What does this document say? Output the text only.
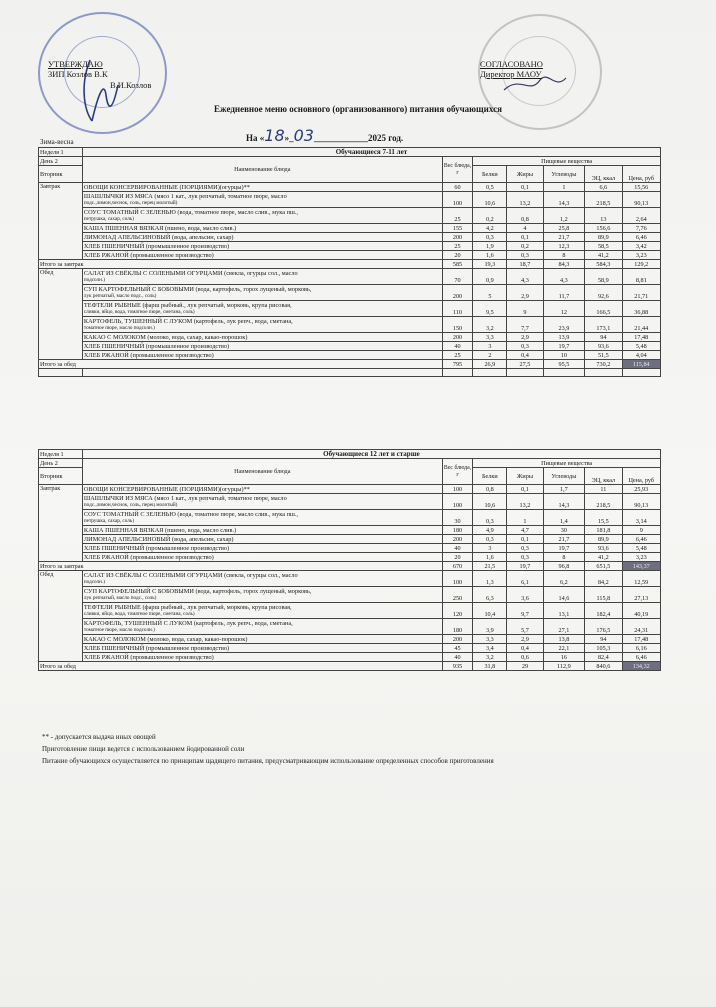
УТВЕРЖДАЮ
ЗИП Козлов В.К
В.И.Козлов
СОГЛАСОВАНО
Директор МАОУ
Ежедневное меню основного (организованного) питания обучающихся
На «18»_03____________2025 год.
Зима-весна
Неделя 1	Обучающиеся 7-11 лет						
День 2	Наименование блюда	Вес блюда, г	Пищевые вещества				
Вторник			Белки	Жиры	Углеводы	ЭЦ, ккал	Цена, руб

Завтрак	ОВОЩИ КОНСЕРВИРОВАННЫЕ (ПОРЦИЯМИ)(огурцы)**	60	0,5	0,1	1	6,6	15,56

	ШАШЛЫЧКИ ИЗ МЯСА (мясо 1 кат., лук репчатый, томатное пюре, масло
подс.,лимон,чеснок, соль, перец молотый)	100	10,6	13,2	14,3	218,5	90,13

	СОУС ТОМАТНЫЙ С ЗЕЛЕНЬЮ (вода, томатное пюре, масло слив., мука пш.,
петрушка, сахар, соль)	25	0,2	0,8	1,2	13	2,64

	КАША ПШЕННАЯ ВЯЗКАЯ (пшено, вода, масло слив.)	155	4,2	4	25,8	156,6	7,76

	ЛИМОНАД АПЕЛЬСИНОВЫЙ (вода, апельсин, сахар)	200	0,3	0,1	21,7	89,9	6,46

	ХЛЕБ ПШЕНИЧНЫЙ (промышленное производство)	25	1,9	0,2	12,3	58,5	3,42

	ХЛЕБ РЖАНОЙ (промышленное производство)	20	1,6	0,3	8	41,2	3,23
Итого за завтрак		585	19,3	18,7	84,3	584,3	129,2
Обед	САЛАТ ИЗ СВЁКЛЫ С СОЛЕНЫМИ ОГУРЦАМИ (свекла, огурцы сол., масло
подсолн.)	70	0,9	4,3	4,3	58,9	8,81

	СУП КАРТОФЕЛЬНЫЙ С БОБОВЫМИ (вода, картофель, горох лущеный, морковь,
лук репчатый, масло подс., соль)	200	5	2,9	11,7	92,6	21,71

	ТЕФТЕЛИ РЫБНЫЕ (фарш рыбный., лук репчатый, морковь, крупа рисовая,
сливки, яйцо, вода, томатное пюре, сметана, соль)	110	9,5	9	12	166,5	36,88

	КАРТОФЕЛЬ, ТУШЕННЫЙ С ЛУКОМ (картофель, лук репч., вода, сметана,
томатное пюре, масло подсолн.)	150	3,2	7,7	23,9	173,1	21,44

	КАКАО С МОЛОКОМ (молоко, вода, сахар, какао-порошок)	200	3,3	2,9	13,9	94	17,48

	ХЛЕБ ПШЕНИЧНЫЙ (промышленное производство)	40	3	0,3	19,7	93,6	5,48

	ХЛЕБ РЖАНОЙ (промышленное производство)	25	2	0,4	10	51,5	4,04
Итого за обед		795	26,9	27,5	95,5	730,2	115,84

Неделя 1	Обучающиеся 12 лет и старше						
День 2	Наименование блюда	Вес блюда, г	Пищевые вещества				
Вторник			Белки	Жиры	Углеводы	ЭЦ, ккал	Цена, руб

Завтрак	ОВОЩИ КОНСЕРВИРОВАННЫЕ (ПОРЦИЯМИ)(огурцы)**	100	0,8	0,1	1,7	11	25,93

	ШАШЛЫЧКИ ИЗ МЯСА (мясо 1 кат., лук репчатый, томатное пюре, масло
подс.,лимон,чеснок, соль, перец молотый)	100	10,6	13,2	14,3	218,5	90,13

	СОУС ТОМАТНЫЙ С ЗЕЛЕНЬЮ (вода, томатное пюре, масло слив., мука пш.,
петрушка, сахар, соль)	30	0,3	1	1,4	15,5	3,14

	КАША ПШЕННАЯ ВЯЗКАЯ (пшено, вода, масло слив.)	180	4,9	4,7	30	181,8	9

	ЛИМОНАД АПЕЛЬСИНОВЫЙ (вода, апельсин, сахар)	200	0,3	0,1	21,7	89,9	6,46

	ХЛЕБ ПШЕНИЧНЫЙ (промышленное производство)	40	3	0,3	19,7	93,6	5,48

	ХЛЕБ РЖАНОЙ (промышленное производство)	20	1,6	0,3	8	41,2	3,23
Итого за завтрак		670	21,5	19,7	96,8	651,5	143,37
Обед	САЛАТ ИЗ СВЁКЛЫ С СОЛЕНЫМИ ОГУРЦАМИ (свекла, огурцы сол., масло
подсолн.)	100	1,3	6,1	6,2	84,2	12,59

	СУП КАРТОФЕЛЬНЫЙ С БОБОВЫМИ (вода, картофель, горох лущеный, морковь,
лук репчатый, масло подс., соль)	250	6,3	3,6	14,6	115,8	27,13

	ТЕФТЕЛИ РЫБНЫЕ (фарш рыбный., лук репчатый, морковь, крупа рисовая,
сливки, яйцо, вода, томатное пюре, сметана, соль)	120	10,4	9,7	13,1	182,4	40,19

	КАРТОФЕЛЬ, ТУШЕННЫЙ С ЛУКОМ (картофель, лук репч., вода, сметана,
томатное пюре, масло подсолн.)	180	3,9	5,7	27,1	176,5	24,31

	КАКАО С МОЛОКОМ (молоко, вода, сахар, какао-порошок)	200	3,3	2,9	13,8	94	17,48

	ХЛЕБ ПШЕНИЧНЫЙ (промышленное производство)	45	3,4	0,4	22,1	105,3	6,16

	ХЛЕБ РЖАНОЙ (промышленное производство)	40	3,2	0,6	16	82,4	6,46
Итого за обед		935	31,8	29	112,9	840,6	134,32
** - допускается выдача иных овощей
Приготовление пищи ведется с использованием йодированной соли
Питание обучающихся осуществляется по принципам щадящего питания, предусматривающим использование определенных способов приготовления
